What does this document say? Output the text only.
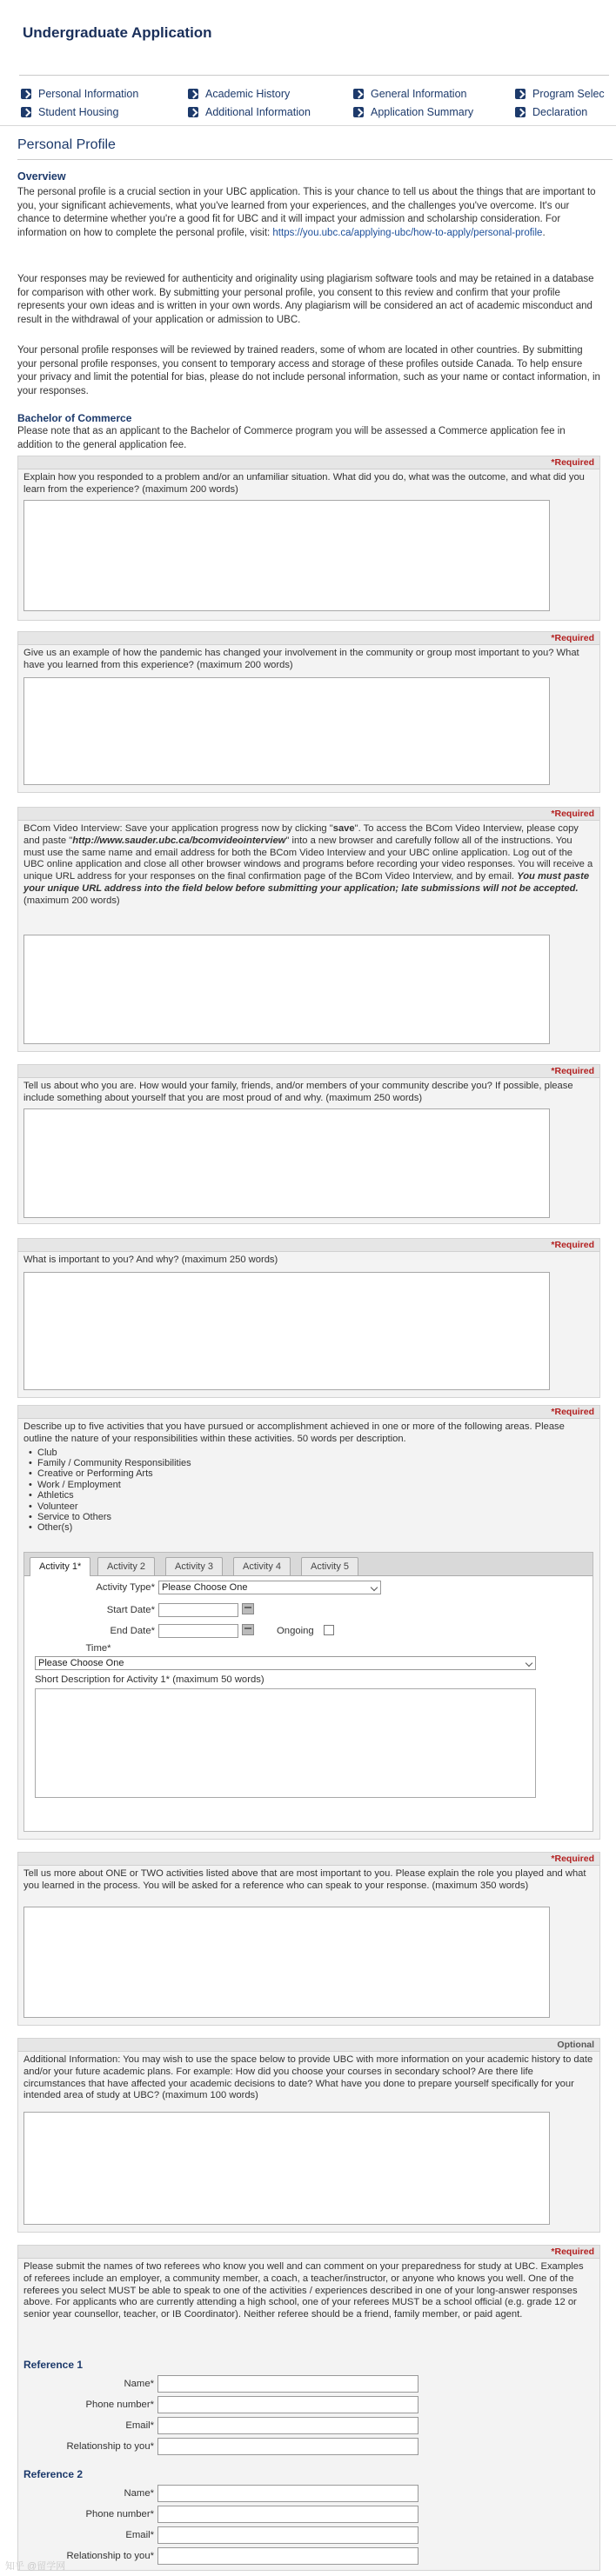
Undergraduate Application
Personal Information	Academic History	General Information	Program Selec
Student Housing	Additional Information	Application Summary	Declaration
Personal Profile
Overview
The personal profile is a crucial section in your UBC application. This is your chance to tell us about the things that are important to you, your significant achievements, what you've learned from your experiences, and the challenges you've overcome. It's our chance to determine whether you're a good fit for UBC and it will impact your admission and scholarship consideration. For information on how to complete the personal profile, visit: https://you.ubc.ca/applying-ubc/how-to-apply/personal-profile.
Your responses may be reviewed for authenticity and originality using plagiarism software tools and may be retained in a database for comparison with other work. By submitting your personal profile, you consent to this review and confirm that your profile represents your own ideas and is written in your own words. Any plagiarism will be considered an act of academic misconduct and result in the withdrawal of your application or admission to UBC.
Your personal profile responses will be reviewed by trained readers, some of whom are located in other countries. By submitting your personal profile responses, you consent to temporary access and storage of these profiles outside Canada. To help ensure your privacy and limit the potential for bias, please do not include personal information, such as your name or contact information, in your responses.
Bachelor of Commerce
Please note that as an applicant to the Bachelor of Commerce program you will be assessed a Commerce application fee in addition to the general application fee.
*Required
Explain how you responded to a problem and/or an unfamiliar situation. What did you do, what was the outcome, and what did you learn from the experience? (maximum 200 words)
*Required
Give us an example of how the pandemic has changed your involvement in the community or group most important to you? What have you learned from this experience? (maximum 200 words)
*Required
BCom Video Interview: Save your application progress now by clicking "save". To access the BCom Video Interview, please copy and paste "http://www.sauder.ubc.ca/bcomvideointerview" into a new browser and carefully follow all of the instructions. You must use the same name and email address for both the BCom Video Interview and your UBC online application. Log out of the UBC online application and close all other browser windows and programs before recording your video responses. You will receive a unique URL address for your responses on the final confirmation page of the BCom Video Interview, and by email. You must paste your unique URL address into the field below before submitting your application; late submissions will not be accepted. (maximum 200 words)
*Required
Tell us about who you are. How would your family, friends, and/or members of your community describe you? If possible, please include something about yourself that you are most proud of and why. (maximum 250 words)
*Required
What is important to you? And why? (maximum 250 words)
*Required
Describe up to five activities that you have pursued or accomplishment achieved in one or more of the following areas. Please outline the nature of your responsibilities within these activities. 50 words per description.
• Club
• Family / Community Responsibilities
• Creative or Performing Arts
• Work / Employment
• Athletics
• Volunteer
• Service to Others
• Other(s)
Activity 1*	Activity 2	Activity 3	Activity 4	Activity 5
Activity Type* Please Choose One
Start Date*
End Date*	Ongoing
Time*
Please Choose One
Short Description for Activity 1* (maximum 50 words)
*Required
Tell us more about ONE or TWO activities listed above that are most important to you. Please explain the role you played and what you learned in the process. You will be asked for a reference who can speak to your response. (maximum 350 words)
Optional
Additional Information: You may wish to use the space below to provide UBC with more information on your academic history to date and/or your future academic plans. For example: How did you choose your courses in secondary school? Are there life circumstances that have affected your academic decisions to date? What have you done to prepare yourself specifically for your intended area of study at UBC? (maximum 100 words)
*Required
Please submit the names of two referees who know you well and can comment on your preparedness for study at UBC. Examples of referees include an employer, a community member, a coach, a teacher/instructor, or anyone who knows you well. One of the referees you select MUST be able to speak to one of the activities / experiences described in one of your long-answer responses above. For applicants who are currently attending a high school, one of your referees MUST be a school official (e.g. grade 12 or senior year counsellor, teacher, or IB Coordinator). Neither referee should be a friend, family member, or paid agent.
Reference 1
Name*
Phone number*
Email*
Relationship to you*
Reference 2
Name*
Phone number*
Email*
Relationship to you*
知乎 @留学网
